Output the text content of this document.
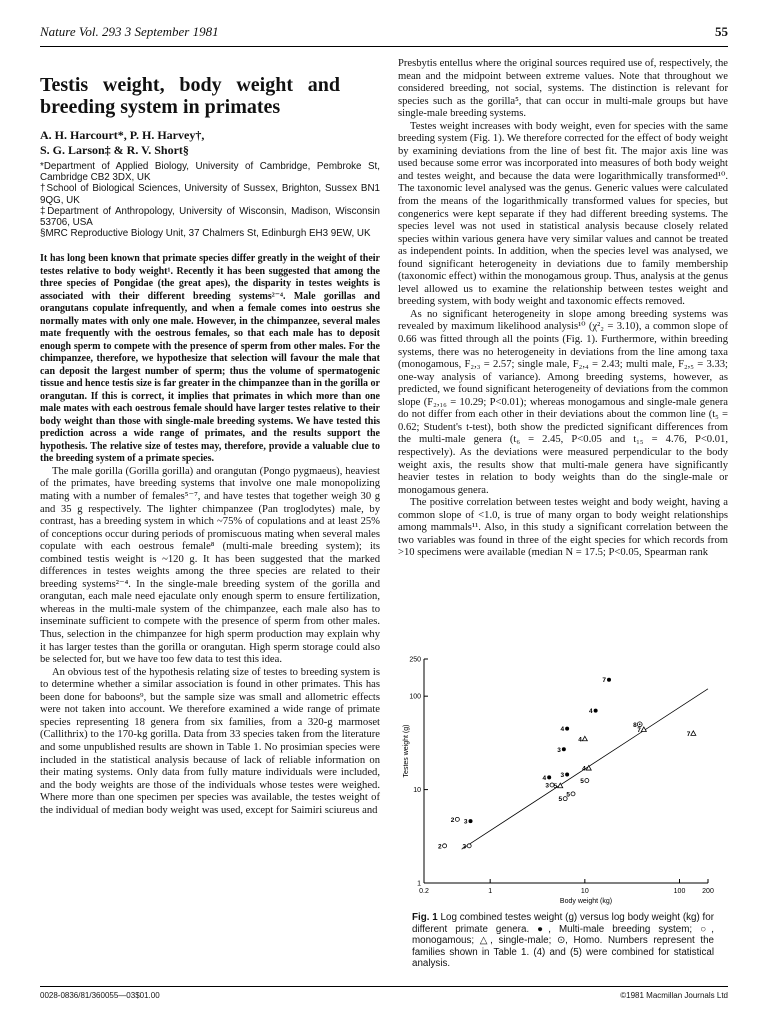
Nature Vol. 293 3 September 1981	55
Testis weight, body weight and breeding system in primates
A. H. Harcourt*, P. H. Harvey†,
S. G. Larson‡ & R. V. Short§
*Department of Applied Biology, University of Cambridge, Pembroke St, Cambridge CB2 3DX, UK
†School of Biological Sciences, University of Sussex, Brighton, Sussex BN1 9QG, UK
‡Department of Anthropology, University of Wisconsin, Madison, Wisconsin 53706, USA
§MRC Reproductive Biology Unit, 37 Chalmers St, Edinburgh EH3 9EW, UK

It has long been known that primate species differ greatly in the weight of their testes relative to body weight¹. Recently it has been suggested that among the three species of Pongidae (the great apes), the disparity in testes weights is associated with their different breeding systems²⁻⁴. Male gorillas and orangutans copulate infrequently, and when a female comes into oestrus she normally mates with only one male. However, in the chimpanzee, several males mate frequently with the oestrous females, so that each male has to deposit enough sperm to compete with the presence of sperm from other males. For the chimpanzee, therefore, we hypothesize that selection will favour the male that can deposit the largest number of sperm; thus the volume of spermatogenic tissue and hence testis size is far greater in the chimpanzee than in the gorilla or orangutan. If this is correct, it implies that primates in which more than one male mates with each oestrous female should have larger testes relative to their body weight than those with single-male breeding systems. We have tested this prediction across a wide range of primates, and the results support the hypothesis. The relative size of testes may, therefore, provide a valuable clue to the breeding system of a primate species.

The male gorilla (Gorilla gorilla) and orangutan (Pongo pygmaeus), heaviest of the primates, have breeding systems that involve one male monopolizing mating with a number of females⁵⁻⁷, and have testes that together weigh 30 g and 35 g respectively. The lighter chimpanzee (Pan troglodytes) male, by contrast, has a breeding system in which ~75% of copulations and at least 25% of conceptions occur during periods of promiscuous mating when several males copulate with each oestrous female⁸ (multi-male breeding system); its combined testis weight is ~120 g. It has been suggested that the marked differences in testes weights among the three species are related to their breeding systems²⁻⁴. In the single-male breeding system of the gorilla and orangutan, each male need ejaculate only enough sperm to ensure fertilization, whereas in the multi-male system of the chimpanzee, each male also has to inseminate sufficient to compete with the presence of sperm from other males. Thus, selection in the chimpanzee for high sperm production may explain why it has larger testes than the gorilla or orangutan. High sperm storage could also be selected for, but we have too few data to test this idea.

An obvious test of the hypothesis relating size of testes to breeding system is to determine whether a similar association is found in other primates. This has been done for baboons⁹, but the sample size was small and allometric effects were not taken into account. We therefore examined a wide range of primate species representing 18 genera from six families, from a 320-g marmoset (Callithrix) to the 170-kg gorilla. Data from 33 species taken from the literature and some unpublished results are shown in Table 1. No prosimian species were included in the statistical analysis because of lack of reliable information on their mating systems. Only data from fully mature individuals were included, and the body weights are those of the individuals whose testes were weighed. Where more than one specimen per species was available, the testes weight of the individual of median body weight was used, except for Saimiri sciureus and

Presbytis entellus where the original sources required use of, respectively, the mean and the midpoint between extreme values. Note that throughout we considered breeding, not social, systems. The distinction is relevant for species such as the gorilla⁵, that can occur in multi-male groups but have single-male breeding systems.

Testes weight increases with body weight, even for species with the same breeding system (Fig. 1). We therefore corrected for the effect of body weight by examining deviations from the line of best fit. The major axis line was used because some error was incorporated into measures of both body weight and testes weight, and because the data were logarithmically transformed¹⁰. The taxonomic level analysed was the genus. Generic values were calculated from the means of the logarithmically transformed values for species, but congenerics were kept separate if they had different breeding systems. The species level was not used in statistical analysis because closely related species within various genera have very similar values and cannot be treated as independent points. In addition, when the species level was analysed, we found significant heterogeneity in deviations due to family membership (taxonomic effect) within the monogamous group. Thus, analysis at the genus level allowed us to examine the relationship between testes weight and breeding system, with body weight and taxonomic effects removed.

As no significant heterogeneity in slope among breeding systems was revealed by maximum likelihood analysis¹⁰ (χ²₂ = 3.10), a common slope of 0.66 was fitted through all the points (Fig. 1). Furthermore, within breeding systems, there was no heterogeneity in deviations from the line among taxa (monogamous, F₂,₃ = 2.57; single male, F₂,₄ = 2.43; multi male, F₂,₅ = 3.33; one-way analysis of variance). Among breeding systems, however, as predicted, we found significant heterogeneity of deviations from the common slope (F₂,₁₆ = 10.29; P<0.01); whereas monogamous and single-male genera do not differ from each other in their deviations about the common line (t₅ = 0.62; Student's t-test), both show the predicted significant differences from the multi-male genera (t₆ = 2.45, P<0.05 and t₁₅ = 4.76, P<0.01, respectively). As the deviations were measured perpendicular to the body weight axis, the results show that multi-male genera have significantly heavier testes in relation to body weights than do the single-male or monogamous genera.

The positive correlation between testes weight and body weight, having a common slope of <1.0, is true of many organ to body weight relationships among mammals¹¹. Also, in this study a significant correlation between the two variables was found in three of the eight species for which records from >10 specimens were available (median N = 17.5; P<0.05, Spearman rank

0.2	1	10	100 200
1
10
100
250
Body weight (kg)
Testes weight (g)
2	3
2 3
5
5
3
4
5
3
5
4
3
4
4
4
7
8
7
7
Fig. 1 Log combined testes weight (g) versus log body weight (kg) for different primate genera. ●, Multi-male breeding system; ○, monogamous; △, single-male; ⊙, Homo. Numbers represent the families shown in Table 1. (4) and (5) were combined for statistical analysis.
0028-0836/81/360055—03$01.00	©1981 Macmillan Journals Ltd
